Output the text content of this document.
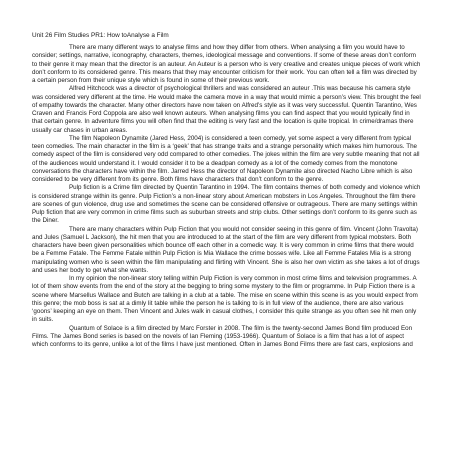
Unit 26 Film Studies PR1: How toAnalyse a Film

There are many different ways to analyse films and how they differ from others. When analysing a film you would have to consider; settings, narrative, iconography, characters, themes, ideological message and conventions. If some of these areas don’t conform to their genre it may mean that the director is an auteur. An Auteur is a person who is very creative and creates unique pieces of work which don’t conform to its considered genre. This means that they may encounter criticism for their work. You can often tell a film was directed by a certain person from their unique style which is found in some of their previous work.

Alfred Hitchcock was a director of psychological thrillers and was considered an auteur .This was because his camera style was considered very different at the time. He would make the camera move in a way that would mimic a person’s view. This brought the feel of empathy towards the character. Many other directors have now taken on Alfred’s style as it was very successful. Quentin Tarantino, Wes Craven and Francis Ford Coppola are also well known auteurs. When analysing films you can find aspect that you would typically find in that certain genre. In adventure films you will often find that the editing is very fast and the location is quite tropical. In crime/dramas there usually car chases in urban areas.

The film Napoleon Dynamite (Jared Hess, 2004) is considered a teen comedy, yet some aspect a very different from typical teen comedies. The main character in the film is a ‘geek’ that has strange traits and a strange personality which makes him humorous. The comedy aspect of the film is considered very odd compared to other comedies. The jokes within the film are very subtle meaning that not all of the audiences would understand it. I would consider it to be a deadpan comedy as a lot of the comedy comes from the monotone conversations the characters have within the film. Jarred Hess the director of Napoleon Dynamite also directed Nacho Libre which is also considered to be very different from its genre. Both films have characters that don’t conform to the genre.

Pulp fiction is a Crime film directed by Quentin Tarantino in 1994. The film contains themes of both comedy and violence which is considered strange within its genre. Pulp Fiction’s a non-linear story about American mobsters in Los Angeles. Throughout the film there are scenes of gun violence, drug use and sometimes the scene can be considered offensive or outrageous. There are many settings within Pulp fiction that are very common in crime films such as suburban streets and strip clubs. Other settings don’t conform to its genre such as the Diner.

There are many characters within Pulp Fiction that you would not consider seeing in this genre of film. Vincent (John Travolta) and Jules (Samuel L Jackson), the hit men that you are introduced to at the start of the film are very different from typical mobsters. Both characters have been given personalities which bounce off each other in a comedic way. It is very common in crime films that there would be a Femme Fatale. The Femme Fatale within Pulp Fiction is Mia Wallace the crime bosses wife. Like all Femme Fatales Mia is a strong manipulating women who is seen within the film manipulating and flirting with Vincent. She is also her own victim as she takes a lot of drugs and uses her body to get what she wants.

In my opinion the non-linear story telling within Pulp Fiction is very common in most crime films and television programmes. A lot of them show events from the end of the story at the begging to bring some mystery to the film or programme. In Pulp Fiction there is a scene where Marsellus Wallace and Butch are talking in a club at a table. The mise en scene within this scene is as you would expect from this genre; the mob boss is sat at a dimly lit table while the person he is talking to is in full view of the audience, there are also various ‘goons’ keeping an eye on them. Then Vincent and Jules walk in casual clothes, I consider this quite strange as you often see hit men only in suits.

Quantum of Solace is a film directed by Marc Forster in 2008. The film is the twenty-second James Bond film produced Eon Films. The James Bond series is based on the novels of Ian Fleming (1953-1966). Quantum of Solace is a film that has a lot of aspect which conforms to its genre, unlike a lot of the films I have just mentioned. Often in James Bond Films there are fast cars, explosions and
